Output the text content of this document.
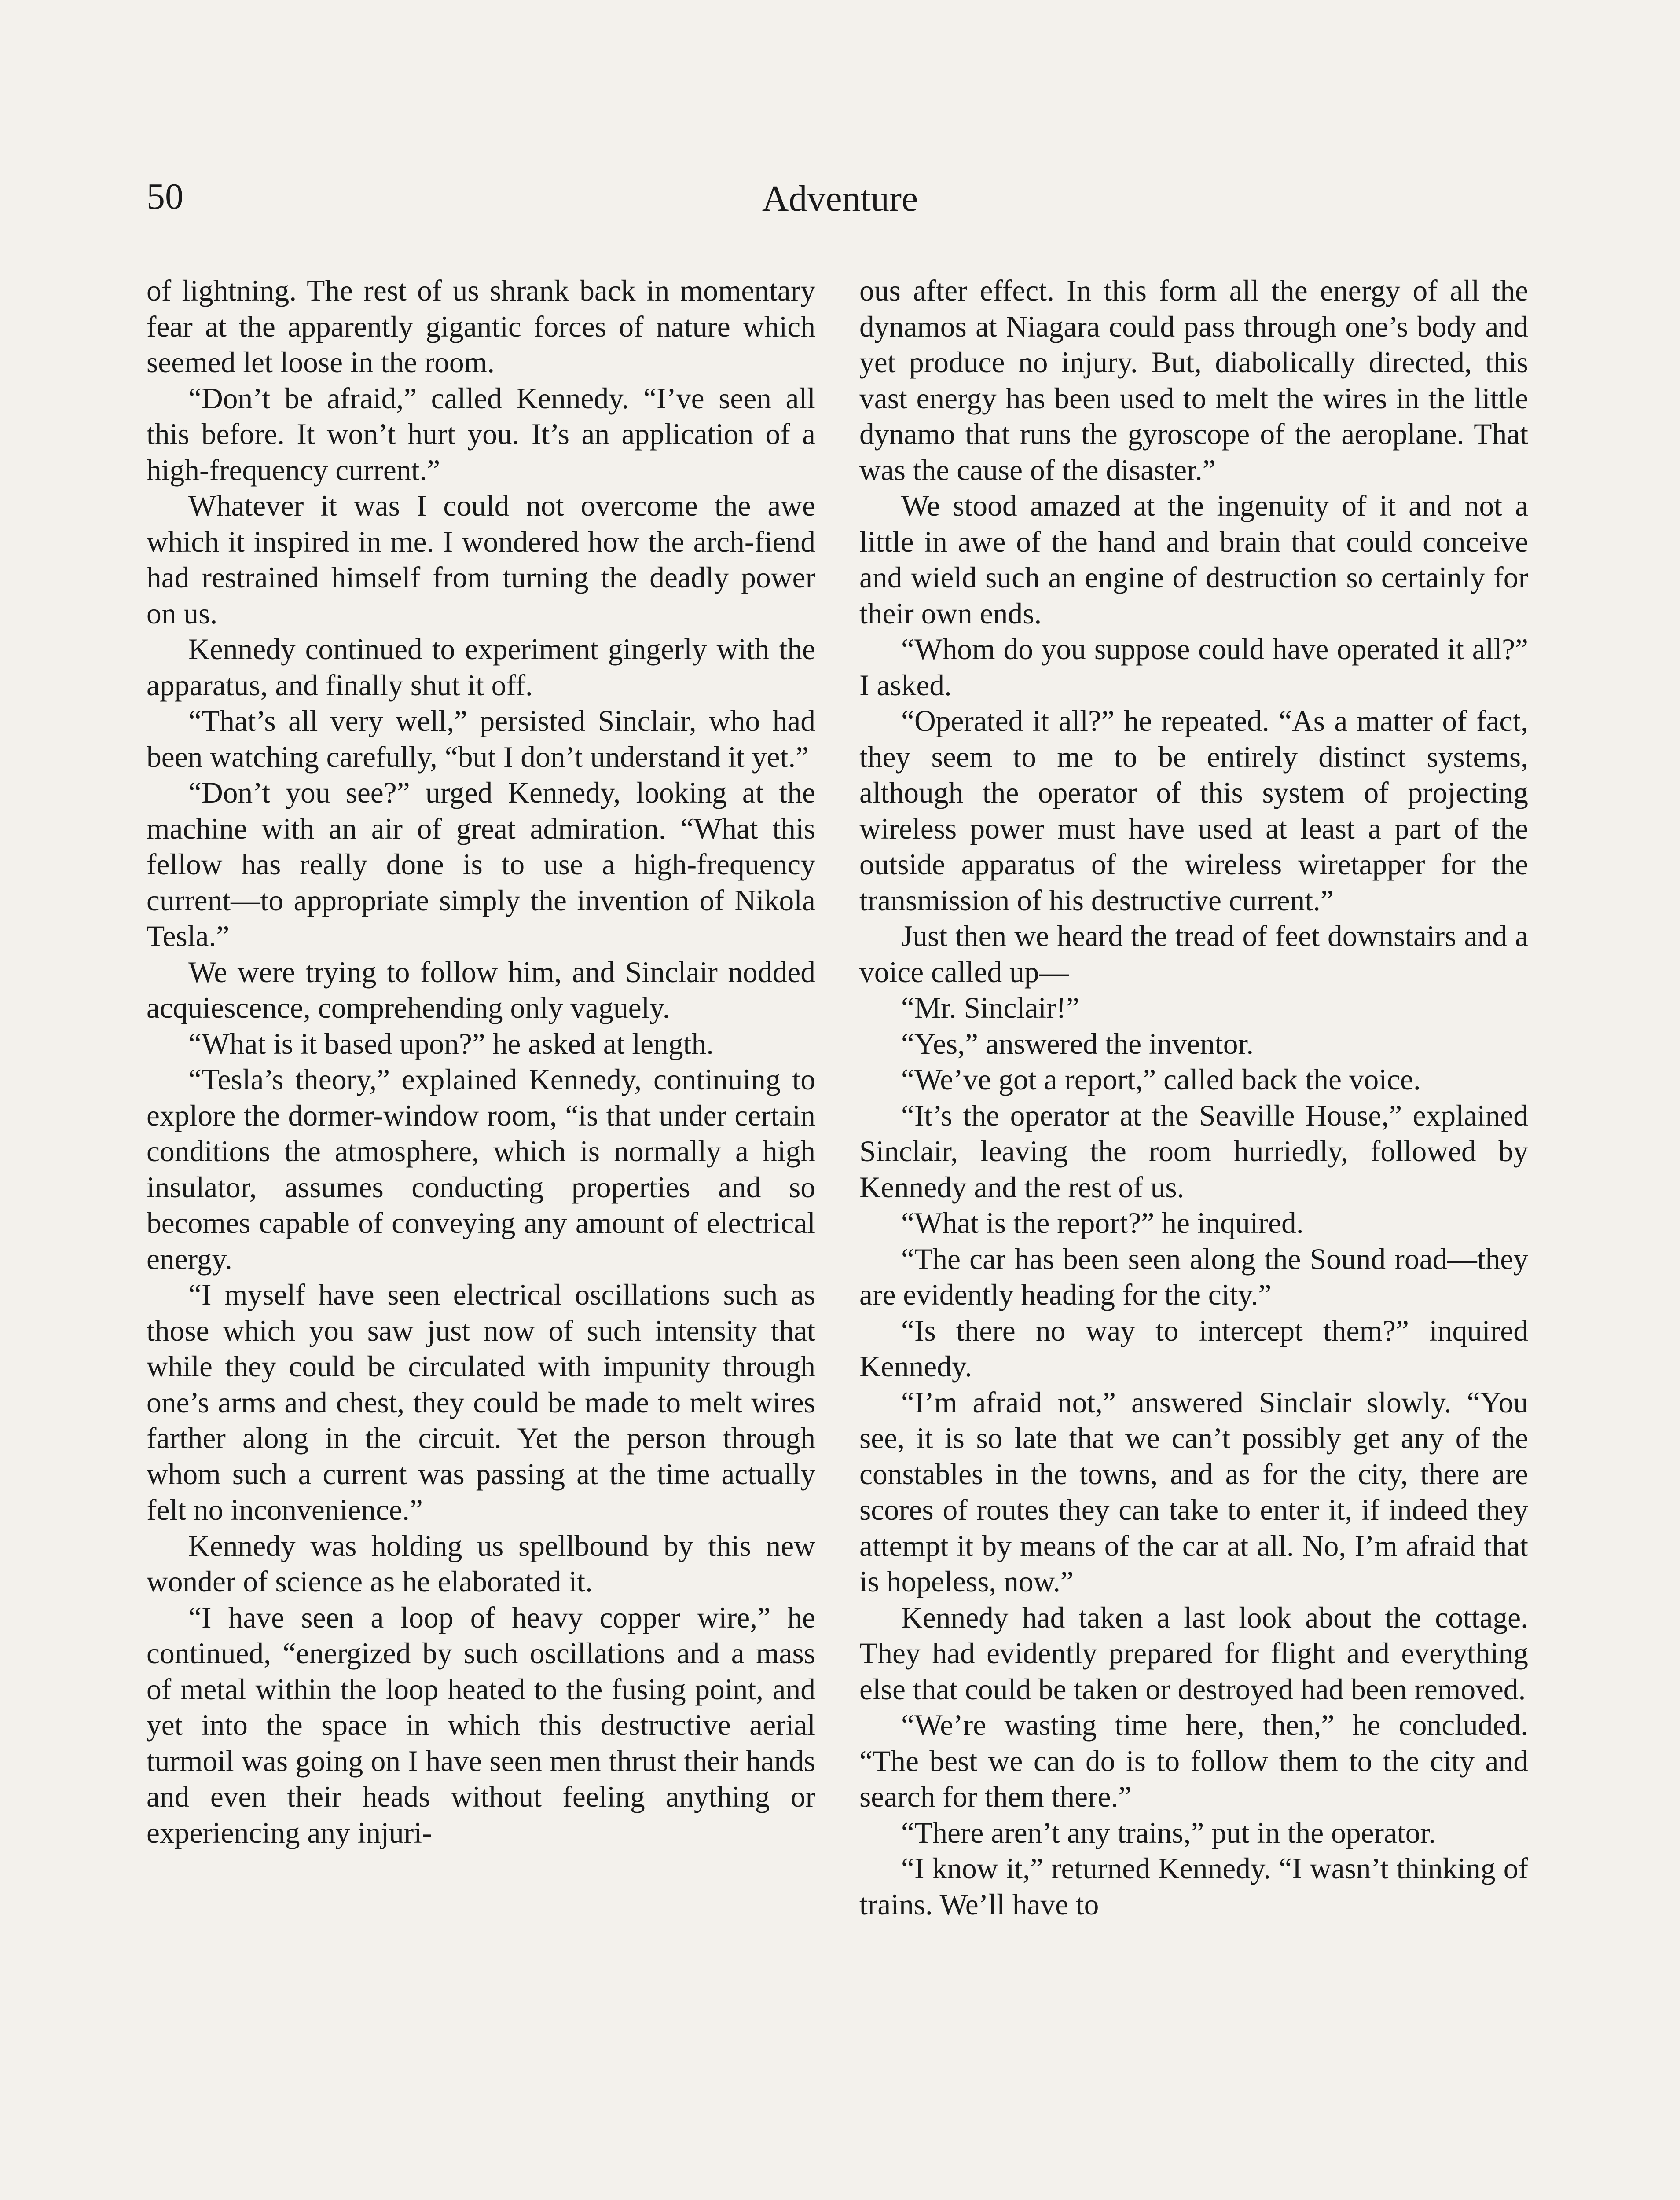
50	Adventure

of lightning. The rest of us shrank back in momentary fear at the apparently gigantic forces of nature which seemed let loose in the room.

“Don’t be afraid,” called Kennedy. “I’ve seen all this before. It won’t hurt you. It’s an application of a high-frequency current.”

Whatever it was I could not overcome the awe which it inspired in me. I wondered how the arch-fiend had restrained himself from turning the deadly power on us.

Kennedy continued to experiment gingerly with the apparatus, and finally shut it off.

“That’s all very well,” persisted Sinclair, who had been watching carefully, “but I don’t understand it yet.”

“Don’t you see?” urged Kennedy, looking at the machine with an air of great admiration. “What this fellow has really done is to use a high-frequency current—to appropriate simply the invention of Nikola Tesla.”

We were trying to follow him, and Sinclair nodded acquiescence, comprehending only vaguely.

“What is it based upon?” he asked at length.

“Tesla’s theory,” explained Kennedy, continuing to explore the dormer-window room, “is that under certain conditions the atmosphere, which is normally a high insulator, assumes conducting properties and so becomes capable of conveying any amount of electrical energy.

“I myself have seen electrical oscillations such as those which you saw just now of such intensity that while they could be circulated with impunity through one’s arms and chest, they could be made to melt wires farther along in the circuit. Yet the person through whom such a current was passing at the time actually felt no inconvenience.”

Kennedy was holding us spellbound by this new wonder of science as he elaborated it.

“I have seen a loop of heavy copper wire,” he continued, “energized by such oscillations and a mass of metal within the loop heated to the fusing point, and yet into the space in which this destructive aerial turmoil was going on I have seen men thrust their hands and even their heads without feeling anything or experiencing any injuri-

ous after effect. In this form all the energy of all the dynamos at Niagara could pass through one’s body and yet produce no injury. But, diabolically directed, this vast energy has been used to melt the wires in the little dynamo that runs the gyroscope of the aeroplane. That was the cause of the disaster.”

We stood amazed at the ingenuity of it and not a little in awe of the hand and brain that could conceive and wield such an engine of destruction so certainly for their own ends.

“Whom do you suppose could have operated it all?” I asked.

“Operated it all?” he repeated. “As a matter of fact, they seem to me to be entirely distinct systems, although the operator of this system of projecting wireless power must have used at least a part of the outside apparatus of the wireless wiretapper for the transmission of his destructive current.”

Just then we heard the tread of feet downstairs and a voice called up—

“Mr. Sinclair!”

“Yes,” answered the inventor.

“We’ve got a report,” called back the voice.

“It’s the operator at the Seaville House,” explained Sinclair, leaving the room hurriedly, followed by Kennedy and the rest of us.

“What is the report?” he inquired.

“The car has been seen along the Sound road—they are evidently heading for the city.”

“Is there no way to intercept them?” inquired Kennedy.

“I’m afraid not,” answered Sinclair slowly. “You see, it is so late that we can’t possibly get any of the constables in the towns, and as for the city, there are scores of routes they can take to enter it, if indeed they attempt it by means of the car at all. No, I’m afraid that is hopeless, now.”

Kennedy had taken a last look about the cottage. They had evidently prepared for flight and everything else that could be taken or destroyed had been removed.

“We’re wasting time here, then,” he concluded. “The best we can do is to follow them to the city and search for them there.”

“There aren’t any trains,” put in the operator.

“I know it,” returned Kennedy. “I wasn’t thinking of trains. We’ll have to
